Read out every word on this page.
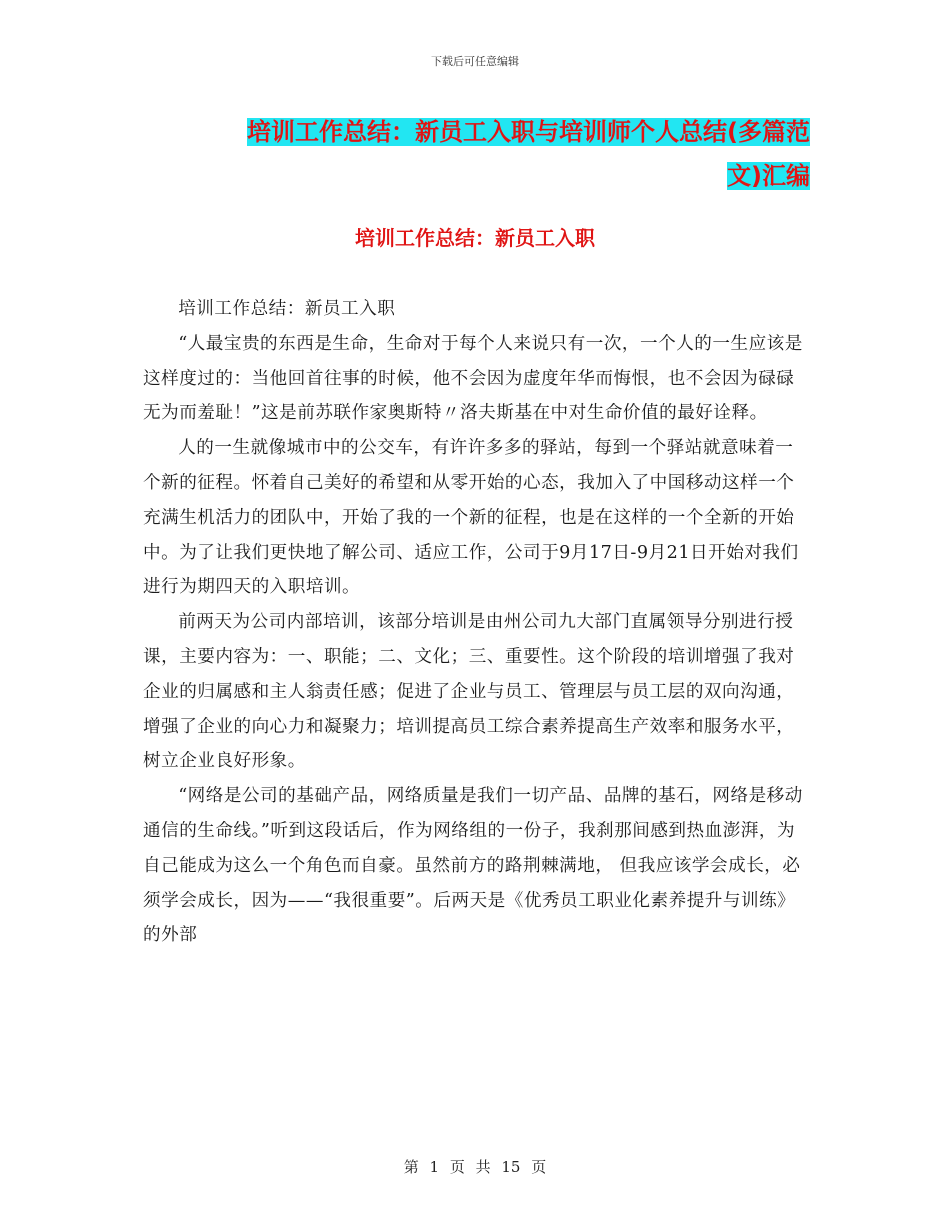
下载后可任意编辑
培训工作总结：新员工入职与培训师个人总结(多篇范
文)汇编
培训工作总结：新员工入职

培训工作总结：新员工入职

“人最宝贵的东西是生命，生命对于每个人来说只有一次，一个人的一生应该是这样度过的：当他回首往事的时候，他不会因为虚度年华而悔恨，也不会因为碌碌无为而羞耻！”这是前苏联作家奥斯特〃洛夫斯基在中对生命价值的最好诠释。

人的一生就像城市中的公交车，有许许多多的驿站，每到一个驿站就意味着一个新的征程。怀着自己美好的希望和从零开始的心态，我加入了中国移动这样一个充满生机活力的团队中，开始了我的一个新的征程，也是在这样的一个全新的开始中。为了让我们更快地了解公司、适应工作，公司于9月17日-9月21日开始对我们进行为期四天的入职培训。

前两天为公司内部培训，该部分培训是由州公司九大部门直属领导分别进行授课，主要内容为：一、职能；二、文化；三、重要性。这个阶段的培训增强了我对企业的归属感和主人翁责任感；促进了企业与员工、管理层与员工层的双向沟通，增强了企业的向心力和凝聚力；培训提高员工综合素养提高生产效率和服务水平，树立企业良好形象。

“网络是公司的基础产品，网络质量是我们一切产品、品牌的基石，网络是移动通信的生命线。”听到这段话后，作为网络组的一份子，我刹那间感到热血澎湃，为自己能成为这么一个角色而自豪。虽然前方的路荆棘满地， 但我应该学会成长，必须学会成长，因为——“我很重要”。后两天是《优秀员工职业化素养提升与训练》的外部

第 1 页 共 15 页
